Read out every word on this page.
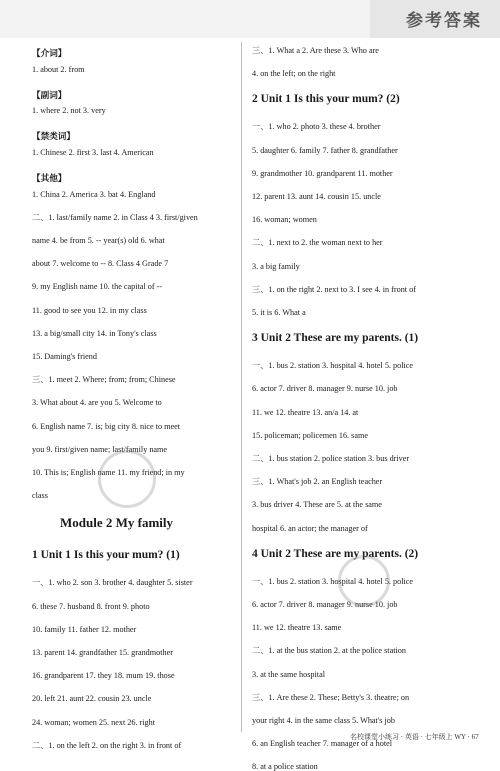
参考答案
【介词】
1. about 2. from
【副词】
1. where 2. not 3. very
【禁类词】
1. Chinese 2. first 3. last 4. American
【其他】
1. China 2. America 3. bat 4. England
二、1. last/family name 2. in Class 4 3. first/given
name 4. be from 5. -- year(s) old 6. what
about 7. welcome to -- 8. Class 4 Grade 7
9. my English name 10. the capital of --
11. good to see you 12. in my class
13. a big/small city 14. in Tony's class
15. Daming's friend
三、1. meet 2. Where; from; from; Chinese
3. What about 4. are you 5. Welcome to
6. English name 7. is; big city 8. nice to meet
you 9. first/given name; last/family name
10. This is; English name 11. my friend; in my
class
Module 2 My family
1 Unit 1 Is this your mum? (1)
一、1. who 2. son 3. brother 4. daughter 5. sister
6. these 7. husband 8. front 9. photo
10. family 11. father 12. mother
13. parent 14. grandfather 15. grandmother
16. grandparent 17. they 18. mum 19. those
20. left 21. aunt 22. cousin 23. uncle
24. woman; women 25. next 26. right
二、1. on the left 2. on the right 3. in front of
三、1. What a 2. Are these 3. Who are
4. on the left; on the right
2 Unit 1 Is this your mum? (2)
一、1. who 2. photo 3. these 4. brother
5. daughter 6. family 7. father 8. grandfather
9. grandmother 10. grandparent 11. mother
12. parent 13. aunt 14. cousin 15. uncle
16. woman; women
二、1. next to 2. the woman next to her
3. a big family
三、1. on the right 2. next to 3. I see 4. in front of
5. it is 6. What a
3 Unit 2 These are my parents. (1)
一、1. bus 2. station 3. hospital 4. hotel 5. police
6. actor 7. driver 8. manager 9. nurse 10. job
11. we 12. theatre 13. an/a 14. at
15. policeman; policemen 16. same
二、1. bus station 2. police station 3. bus driver
三、1. What's job 2. an English teacher
3. bus driver 4. These are 5. at the same
hospital 6. an actor; the manager of
4 Unit 2 These are my parents. (2)
一、1. bus 2. station 3. hospital 4. hotel 5. police
6. actor 7. driver 8. manager 9. nurse 10. job
11. we 12. theatre 13. same
二、1. at the bus station 2. at the police station
3. at the same hospital
三、1. Are these 2. These; Betty's 3. theatre; on
your right 4. in the same class 5. What's job
6. an English teacher 7. manager of a hotel
8. at a police station
名校课堂小练习 · 英语 · 七年级上 WY · 67
